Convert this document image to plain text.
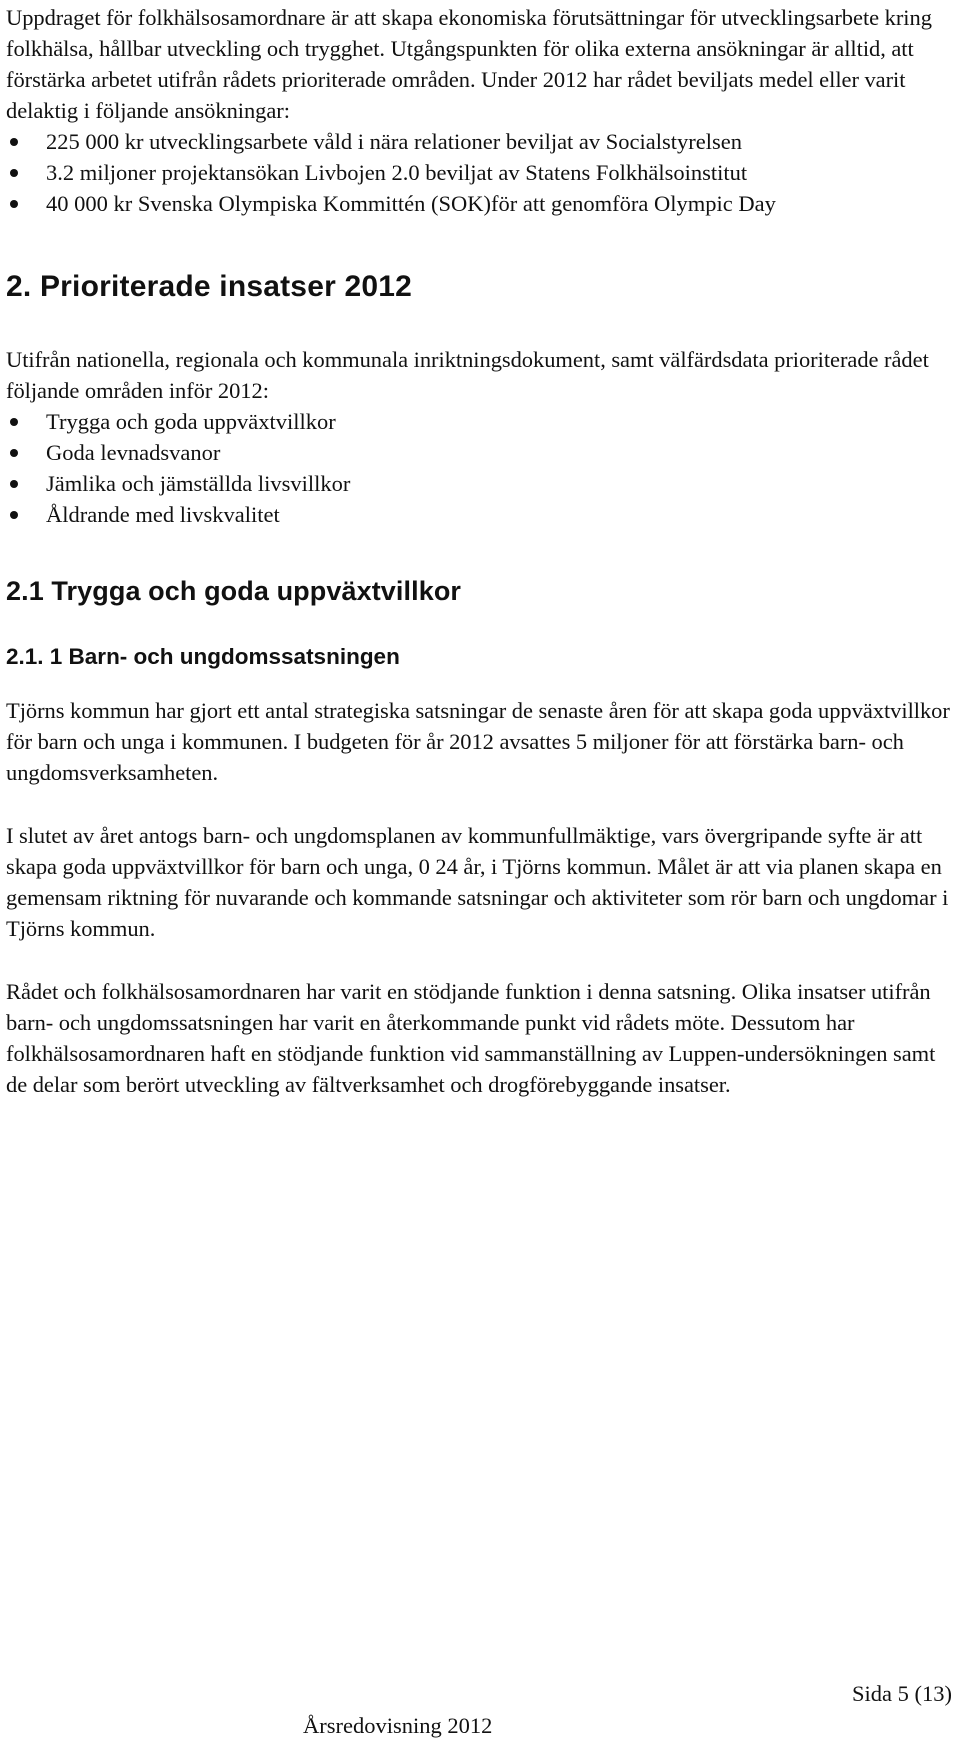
Uppdraget för folkhälsosamordnare är att skapa ekonomiska förutsättningar för utvecklingsarbete kring folkhälsa, hållbar utveckling och trygghet. Utgångspunkten för olika externa ansökningar är alltid, att förstärka arbetet utifrån rådets prioriterade områden. Under 2012 har rådet beviljats medel eller varit delaktig i följande ansökningar:

225 000 kr utvecklingsarbete våld i nära relationer beviljat av Socialstyrelsen
3.2 miljoner projektansökan Livbojen 2.0 beviljat av Statens Folkhälsoinstitut
40 000 kr Svenska Olympiska Kommittén (SOK)för att genomföra Olympic Day
2. Prioriterade insatser 2012

Utifrån nationella, regionala och kommunala inriktningsdokument, samt välfärdsdata prioriterade rådet följande områden inför 2012:

Trygga och goda uppväxtvillkor
Goda levnadsvanor
Jämlika och jämställda livsvillkor
Åldrande med livskvalitet
2.1 Trygga och goda uppväxtvillkor
2.1. 1 Barn- och ungdomssatsningen

Tjörns kommun har gjort ett antal strategiska satsningar de senaste åren för att skapa goda uppväxtvillkor för barn och unga i kommunen. I budgeten för år 2012 avsattes 5 miljoner för att förstärka barn- och ungdomsverksamheten.

I slutet av året antogs barn- och ungdomsplanen av kommunfullmäktige, vars övergripande syfte är att skapa goda uppväxtvillkor för barn och unga, 0 24 år, i Tjörns kommun. Målet är att via planen skapa en gemensam riktning för nuvarande och kommande satsningar och aktiviteter som rör barn och ungdomar i Tjörns kommun.

Rådet och folkhälsosamordnaren har varit en stödjande funktion i denna satsning. Olika insatser utifrån barn- och ungdomssatsningen har varit en återkommande punkt vid rådets möte. Dessutom har folkhälsosamordnaren haft en stödjande funktion vid sammanställning av Luppen-undersökningen samt de delar som berört utveckling av fältverksamhet och drogförebyggande insatser.

Sida 5 (13)
Årsredovisning 2012
